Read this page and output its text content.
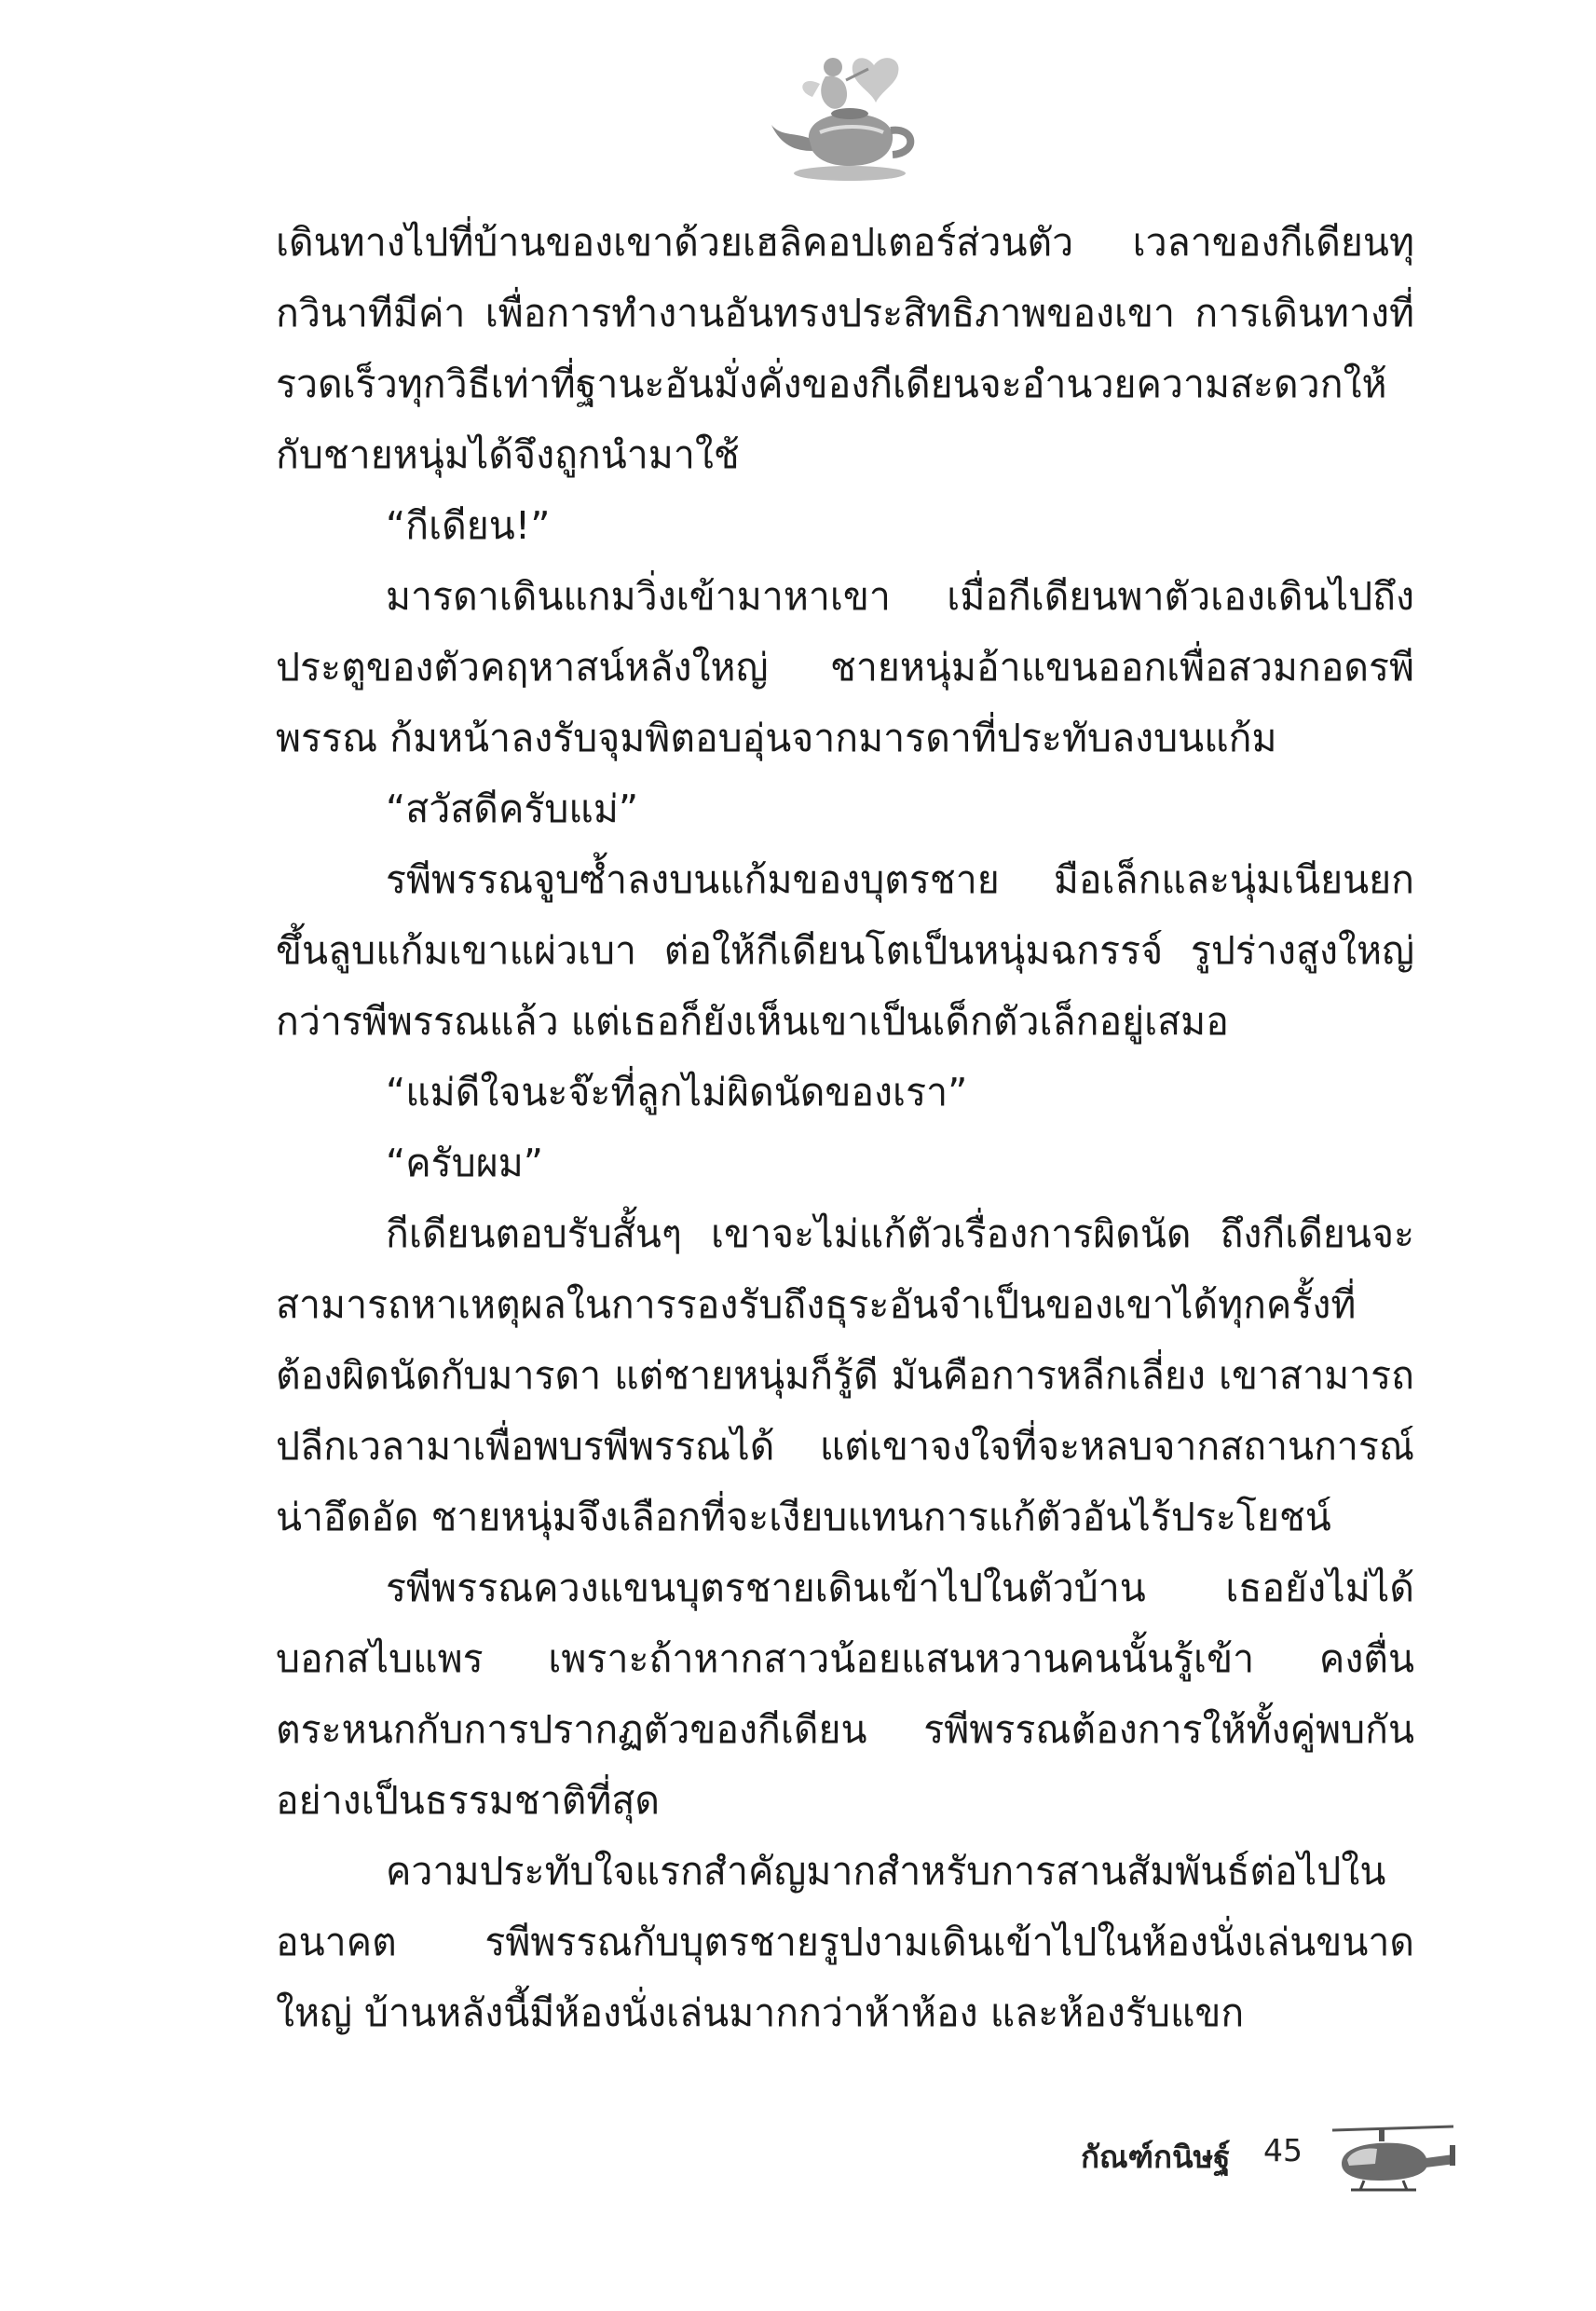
เดินทางไปที่บ้านของเขาด้วยเฮลิคอปเตอร์ส่วนตัว เวลาของกีเดียนทุกวินาทีมีค่า เพื่อการทำงานอันทรงประสิทธิภาพของเขา การเดินทางที่รวดเร็วทุกวิธีเท่าที่ฐานะอันมั่งคั่งของกีเดียนจะอำนวยความสะดวกให้กับชายหนุ่มได้จึงถูกนำมาใช้

“กีเดียน!”

มารดาเดินแกมวิ่งเข้ามาหาเขา เมื่อกีเดียนพาตัวเองเดินไปถึงประตูของตัวคฤหาสน์หลังใหญ่ ชายหนุ่มอ้าแขนออกเพื่อสวมกอดรพีพรรณ ก้มหน้าลงรับจุมพิตอบอุ่นจากมารดาที่ประทับลงบนแก้ม

“สวัสดีครับแม่”

รพีพรรณจูบซ้ำลงบนแก้มของบุตรชาย มือเล็กและนุ่มเนียนยกขึ้นลูบแก้มเขาแผ่วเบา ต่อให้กีเดียนโตเป็นหนุ่มฉกรรจ์ รูปร่างสูงใหญ่กว่ารพีพรรณแล้ว แต่เธอก็ยังเห็นเขาเป็นเด็กตัวเล็กอยู่เสมอ

“แม่ดีใจนะจ๊ะที่ลูกไม่ผิดนัดของเรา”

“ครับผม”

กีเดียนตอบรับสั้นๆ เขาจะไม่แก้ตัวเรื่องการผิดนัด ถึงกีเดียนจะสามารถหาเหตุผลในการรองรับถึงธุระอันจำเป็นของเขาได้ทุกครั้งที่ต้องผิดนัดกับมารดา แต่ชายหนุ่มก็รู้ดี มันคือการหลีกเลี่ยง เขาสามารถปลีกเวลามาเพื่อพบรพีพรรณได้ แต่เขาจงใจที่จะหลบจากสถานการณ์น่าอึดอัด ชายหนุ่มจึงเลือกที่จะเงียบแทนการแก้ตัวอันไร้ประโยชน์

รพีพรรณควงแขนบุตรชายเดินเข้าไปในตัวบ้าน เธอยังไม่ได้บอกสไบแพร เพราะถ้าหากสาวน้อยแสนหวานคนนั้นรู้เข้า คงตื่นตระหนกกับการปรากฏตัวของกีเดียน รพีพรรณต้องการให้ทั้งคู่พบกันอย่างเป็นธรรมชาติที่สุด

ความประทับใจแรกสำคัญมากสำหรับการสานสัมพันธ์ต่อไปในอนาคต รพีพรรณกับบุตรชายรูปงามเดินเข้าไปในห้องนั่งเล่นขนาดใหญ่ บ้านหลังนี้มีห้องนั่งเล่นมากกว่าห้าห้อง และห้องรับแขก

กัณฑ์กนิษฐ์ 45
